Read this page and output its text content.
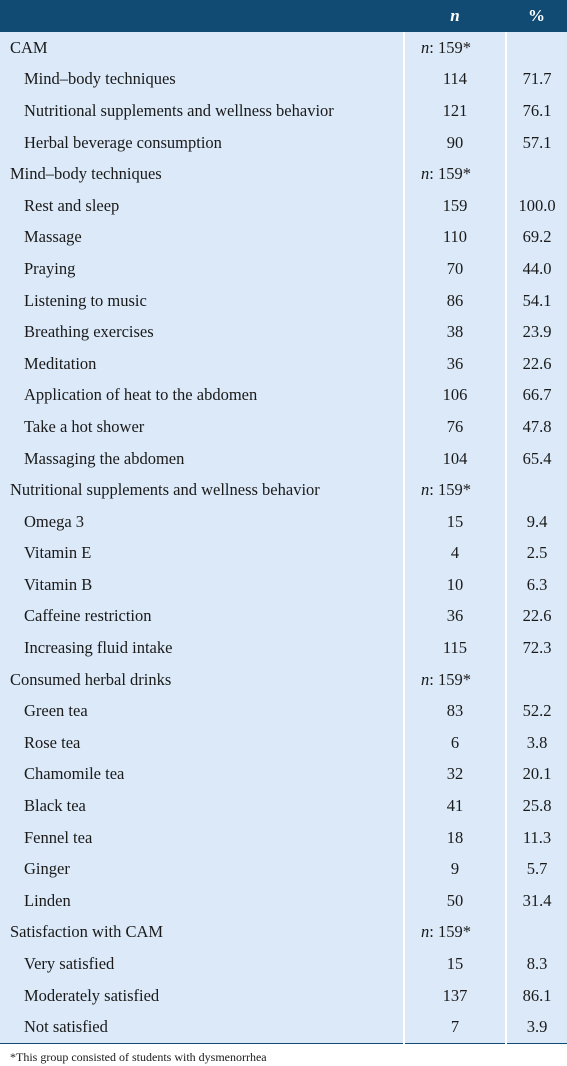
	n	%
CAM	n: 159*	
Mind–body techniques	114	71.7
Nutritional supplements and wellness behavior	121	76.1
Herbal beverage consumption	90	57.1
Mind–body techniques	n: 159*	
Rest and sleep	159	100.0
Massage	110	69.2
Praying	70	44.0
Listening to music	86	54.1
Breathing exercises	38	23.9
Meditation	36	22.6
Application of heat to the abdomen	106	66.7
Take a hot shower	76	47.8
Massaging the abdomen	104	65.4
Nutritional supplements and wellness behavior	n: 159*	
Omega 3	15	9.4
Vitamin E	4	2.5
Vitamin B	10	6.3
Caffeine restriction	36	22.6
Increasing fluid intake	115	72.3
Consumed herbal drinks	n: 159*	
Green tea	83	52.2
Rose tea	6	3.8
Chamomile tea	32	20.1
Black tea	41	25.8
Fennel tea	18	11.3
Ginger	9	5.7
Linden	50	31.4
Satisfaction with CAM	n: 159*	
Very satisfied	15	8.3
Moderately satisfied	137	86.1
Not satisfied	7	3.9
*This group consisted of students with dysmenorrhea
